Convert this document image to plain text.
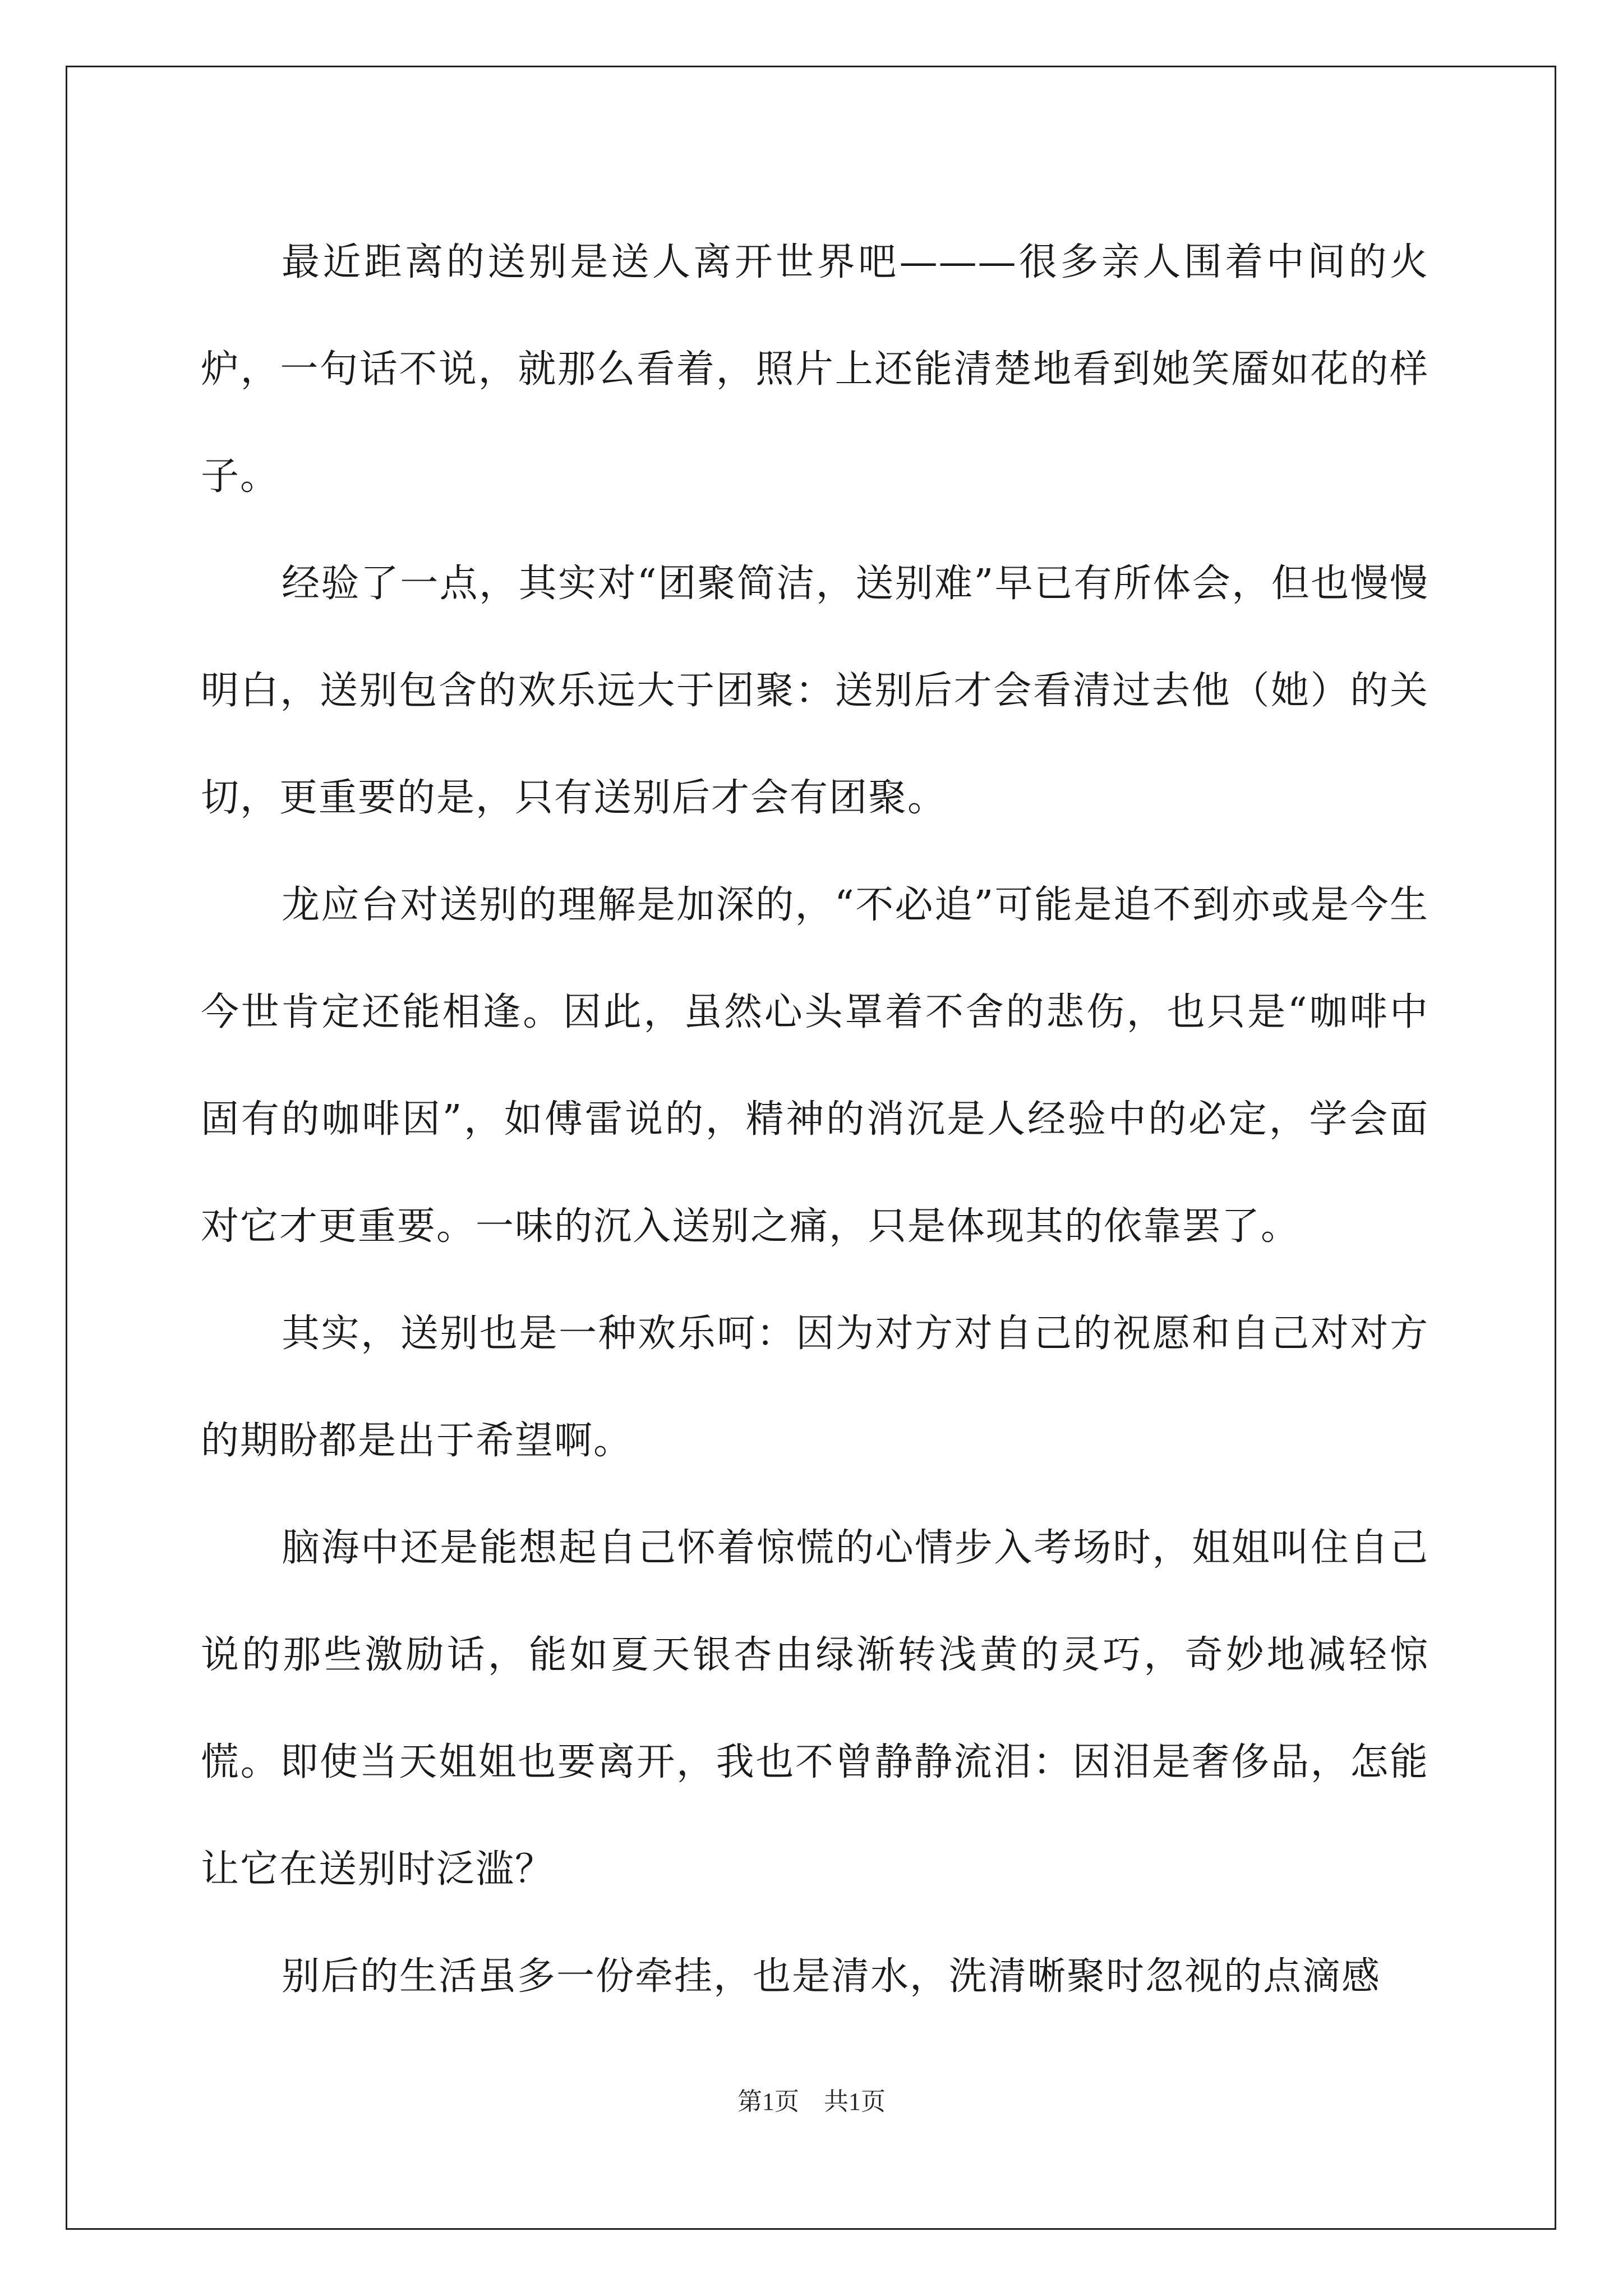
最近距离的送别是送人离开世界吧———很多亲人围着中间的火炉，一句话不说，就那么看着，照片上还能清楚地看到她笑靥如花的样子。

经验了一点，其实对“团聚简洁，送别难”早已有所体会，但也慢慢明白，送别包含的欢乐远大于团聚：送别后才会看清过去他（她）的关切，更重要的是，只有送别后才会有团聚。

龙应台对送别的理解是加深的，“不必追”可能是追不到亦或是今生今世肯定还能相逢。因此，虽然心头罩着不舍的悲伤，也只是“咖啡中固有的咖啡因”，如傅雷说的，精神的消沉是人经验中的必定，学会面对它才更重要。一味的沉入送别之痛，只是体现其的依靠罢了。

其实，送别也是一种欢乐呵：因为对方对自己的祝愿和自己对对方的期盼都是出于希望啊。

脑海中还是能想起自己怀着惊慌的心情步入考场时，姐姐叫住自己说的那些激励话，能如夏天银杏由绿渐转浅黄的灵巧，奇妙地减轻惊慌。即使当天姐姐也要离开，我也不曾静静流泪：因泪是奢侈品，怎能让它在送别时泛滥？

别后的生活虽多一份牵挂，也是清水，洗清晰聚时忽视的点滴感

第1页　共1页
